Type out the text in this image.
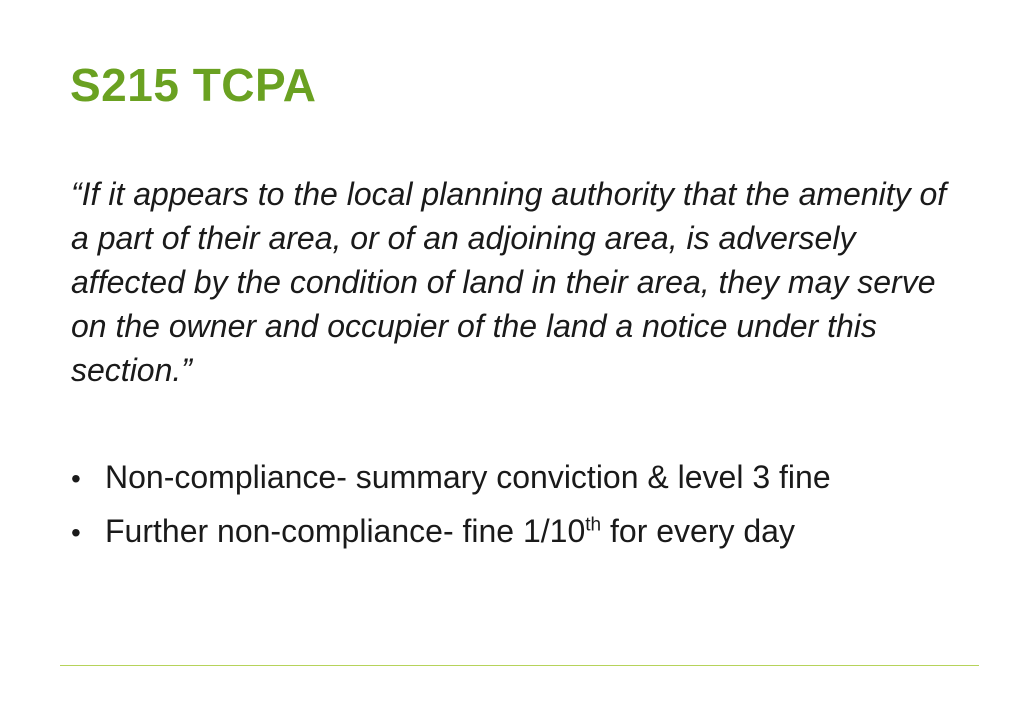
S215 TCPA

“If it appears to the local planning authority that the amenity of a part of their area, or of an adjoining area, is adversely affected by the condition of land in their area, they may serve on the owner and occupier of the land a notice under this section.”

• Non-compliance- summary conviction & level 3 fine
• Further non-compliance- fine 1/10th for every day
